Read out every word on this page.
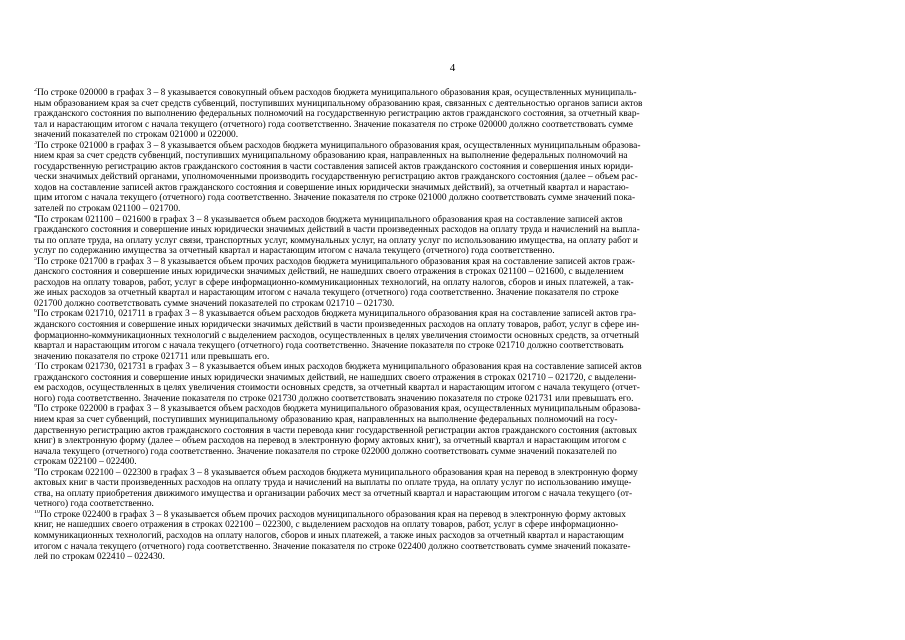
4
$^2$По строке 020000 в графах 3 – 8 указывается совокупный объем расходов бюджета муниципального образования края, осуществленных муниципаль-
ным образованием края за счет средств субвенций, поступивших муниципальному образованию края, связанных с деятельностью органов записи актов
гражданского состояния по выполнению федеральных полномочий на государственную регистрацию актов гражданского состояния, за отчетный квар-
тал и нарастающим итогом с начала текущего (отчетного) года соответственно. Значение показателя по строке 020000 должно соответствовать сумме
значений показателей по строкам 021000 и 022000.
$^3$По строке 021000 в графах 3 – 8 указывается объем расходов бюджета муниципального образования края, осуществленных муниципальным образова-
нием края за счет средств субвенций, поступивших муниципальному образованию края, направленных на выполнение федеральных полномочий на
государственную регистрацию актов гражданского состояния в части составления записей актов гражданского состояния и совершения иных юриди-
чески значимых действий органами, уполномоченными производить государственную регистрацию актов гражданского состояния (далее – объем рас-
ходов на составление записей актов гражданского состояния и совершение иных юридически значимых действий), за отчетный квартал и нарастаю-
щим итогом с начала текущего (отчетного) года соответственно. Значение показателя по строке 021000 должно соответствовать сумме значений пока-
зателей по строкам 021100 – 021700.
$^4$По строкам 021100 – 021600 в графах 3 – 8 указывается объем расходов бюджета муниципального образования края на составление записей актов
гражданского состояния и совершение иных юридически значимых действий в части произведенных расходов на оплату труда и начислений на выпла-
ты по оплате труда, на оплату услуг связи, транспортных услуг, коммунальных услуг, на оплату услуг по использованию имущества, на оплату работ и
услуг по содержанию имущества за отчетный квартал и нарастающим итогом с начала текущего (отчетного) года соответственно.
$^5$По строке 021700 в графах 3 – 8 указывается объем прочих расходов бюджета муниципального образования края на составление записей актов граж-
данского состояния и совершение иных юридически значимых действий, не нашедших своего отражения в строках 021100 – 021600, с выделением
расходов на оплату товаров, работ, услуг в сфере информационно-коммуникационных технологий, на оплату налогов, сборов и иных платежей, а так-
же иных расходов за отчетный квартал и нарастающим итогом с начала текущего (отчетного) года соответственно. Значение показателя по строке
021700 должно соответствовать сумме значений показателей по строкам 021710 – 021730.
$^6$По строкам 021710, 021711 в графах 3 – 8 указывается объем расходов бюджета муниципального образования края на составление записей актов гра-
жданского состояния и совершение иных юридически значимых действий в части произведенных расходов на оплату товаров, работ, услуг в сфере ин-
формационно-коммуникационных технологий с выделением расходов, осуществленных в целях увеличения стоимости основных средств, за отчетный
квартал и нарастающим итогом с начала текущего (отчетного) года соответственно. Значение показателя по строке 021710 должно соответствовать
значению показателя по строке 021711 или превышать его.
$^7$По строкам 021730, 021731 в графах 3 – 8 указывается объем иных расходов бюджета муниципального образования края на составление записей актов
гражданского состояния и совершение иных юридически значимых действий, не нашедших своего отражения в строках 021710 – 021720, с выделени-
ем расходов, осуществленных в целях увеличения стоимости основных средств, за отчетный квартал и нарастающим итогом с начала текущего (отчет-
ного) года соответственно. Значение показателя по строке 021730 должно соответствовать значению показателя по строке 021731 или превышать его.
$^8$По строке 022000 в графах 3 – 8 указывается объем расходов бюджета муниципального образования края, осуществленных муниципальным образова-
нием края за счет субвенций, поступивших муниципальному образованию края, направленных на выполнение федеральных полномочий на госу-
дарственную регистрацию актов гражданского состояния в части перевода книг государственной регистрации актов гражданского состояния (актовых
книг) в электронную форму (далее – объем расходов на перевод в электронную форму актовых книг), за отчетный квартал и нарастающим итогом с
начала текущего (отчетного) года соответственно. Значение показателя по строке 022000 должно соответствовать сумме значений показателей по
строкам 022100 – 022400.
$^9$По строкам 022100 – 022300 в графах 3 – 8 указывается объем расходов бюджета муниципального образования края на перевод в электронную форму
актовых книг в части произведенных расходов на оплату труда и начислений на выплаты по оплате труда, на оплату услуг по использованию имуще-
ства, на оплату приобретения движимого имущества и организации рабочих мест за отчетный квартал и нарастающим итогом с начала текущего (от-
четного) года соответственно.
$^{10}$По строке 022400 в графах 3 – 8 указывается объем прочих расходов муниципального образования края на перевод в электронную форму актовых
книг, не нашедших своего отражения в строках 022100 – 022300, с выделением расходов на оплату товаров, работ, услуг в сфере информационно-
коммуникационных технологий, расходов на оплату налогов, сборов и иных платежей, а также иных расходов за отчетный квартал и нарастающим
итогом с начала текущего (отчетного) года соответственно. Значение показателя по строке 022400 должно соответствовать сумме значений показате-
лей по строкам 022410 – 022430.
